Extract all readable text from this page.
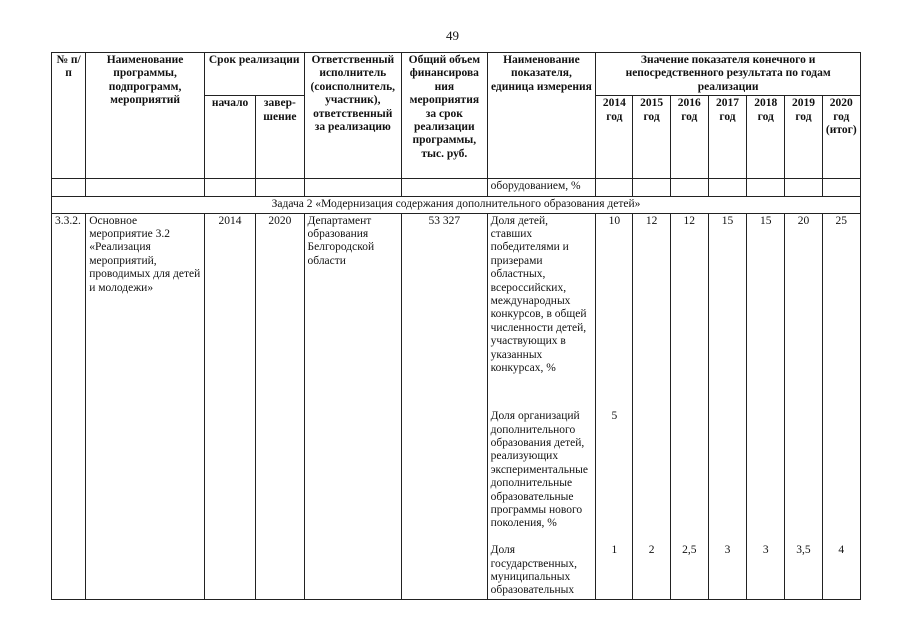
49
№ п/п	Наименование программы, подпрограмм, мероприятий	Срок реализации		Ответственный исполнитель (соисполнитель, участник), ответственный за реализацию	Общий объем финансирова ния мероприятия за срок реализации программы, тыс. руб.	Наименование показателя, единица измерения	Значение показателя конечного и непосредственного результата по годам реализации						
		начало	завер-шение				2014 год	2015 год	2016 год	2017 год	2018 год	2019 год	2020 год (итог)
						оборудованием, %							
Задача 2 «Модернизация содержания дополнительного образования детей»													
3.3.2.	Основное мероприятие 3.2 «Реализация мероприятий, проводимых для детей и молодежи»	2014	2020	Департамент образования Белгородской области	53 327	Доля детей, ставших победителями и призерами областных, всероссийских, международных конкурсов, в общей численности детей, участвующих в указанных конкурсах, %	10	12	12	15	15	20	25
						Доля организаций дополнительного образования детей, реализующих экспериментальные дополнительные образовательные программы нового поколения, %	5						
						Доля государственных, муниципальных образовательных	1	2	2,5	3	3	3,5	4
